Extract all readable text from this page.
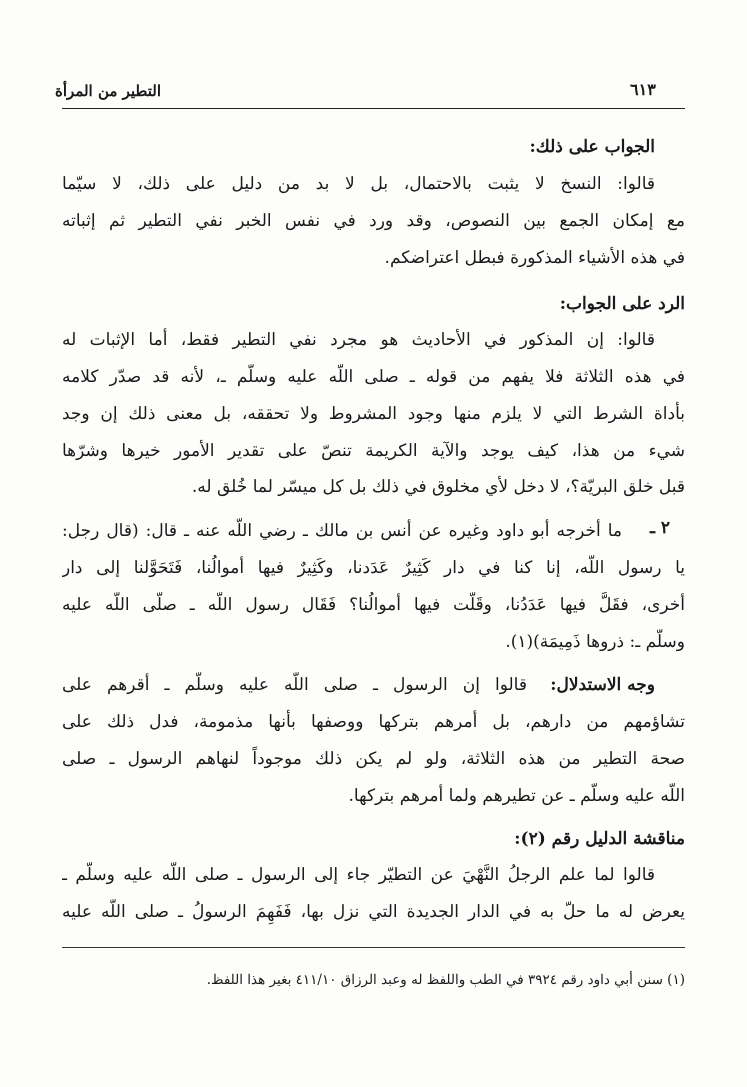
التطير من المرأة	٦١٣
الجواب على ذلك:
قالوا: النسخ لا يثبت بالاحتمال، بل لا بد من دليل على ذلك، لا سيّما
مع إمكان الجمع بين النصوص، وقد ورد في نفس الخبر نفي التطير ثم إثباته
في هذه الأشياء المذكورة فبطل اعتراضكم.
الرد على الجواب:
قالوا: إن المذكور في الأحاديث هو مجرد نفي التطير فقط، أما الإثبات له
في هذه الثلاثة فلا يفهم من قوله ـ صلى اللّه عليه وسلّم ـ، لأنه قد صدّر كلامه
بأداة الشرط التي لا يلزم منها وجود المشروط ولا تحققه، بل معنى ذلك إن وجد
شيء من هذا، كيف يوجد والآية الكريمة تنصّ على تقدير الأمور خيرها وشرّها
قبل خلق البريّة؟، لا دخل لأي مخلوق في ذلك بل كل ميسّر لما خُلق له.
٢ ـ
ما أخرجه أبو داود وغيره عن أنس بن مالك ـ رضي اللّه عنه ـ قال: (قال رجل:
يا رسول اللّه، إنا كنا في دار كَثِيرٌ عَدَدنا، وكَثِيرٌ فيها أموالُنا، فَتَحَوَّلنا إلى دار
أخرى، فقَلَّ فيها عَدَدُنا، وقَلَّت فيها أموالُنا؟ فَقَال رسول اللّه ـ صلّى اللّه عليه
وسلّم ـ: ذروها ذَمِيمَة)(١).
وجه الاستدلال:
قالوا إن الرسول ـ صلى اللّه عليه وسلّم ـ أقرهم على
تشاؤمهم من دارهم، بل أمرهم بتركها ووصفها بأنها مذمومة، فدل ذلك على
صحة التطير من هذه الثلاثة، ولو لم يكن ذلك موجوداً لنهاهم الرسول ـ صلى
اللّه عليه وسلّم ـ عن تطيرهم ولما أمرهم بتركها.
مناقشة الدليل رقم (٢):
قالوا لما علم الرجلُ النَّهْيَ عن التطيّر جاء إلى الرسول ـ صلى اللّه عليه وسلّم ـ
يعرض له ما حلّ به في الدار الجديدة التي نزل بها، فَفَهِمَ الرسولُ ـ صلى اللّه عليه
(١) سنن أبي داود رقم ٣٩٢٤ في الطب واللفظ له وعبد الرزاق ٤١١/١٠ بغير هذا اللفظ.
